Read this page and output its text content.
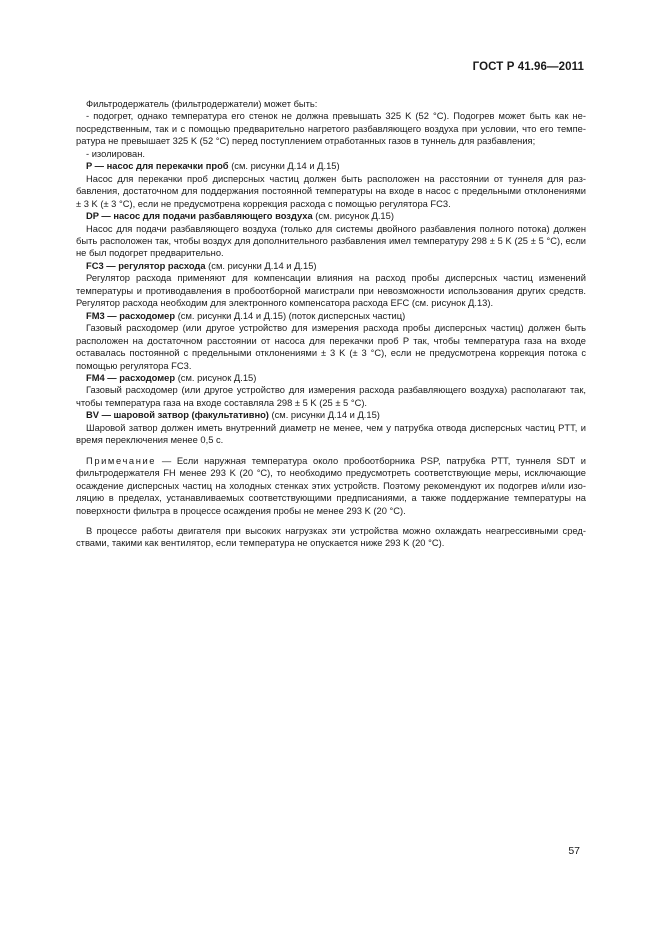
ГОСТ Р 41.96—2011

Фильтродержатель (фильтродержатели) может быть:

- подогрет, однако температура его стенок не должна превышать 325 K (52 °C). Подогрев может быть как непосредственным, так и с помощью предварительно нагретого разбавляющего воздуха при условии, что его температура не превышает 325 K (52 °C) перед поступлением отработанных газов в туннель для разбавления;

- изолирован.

P — насос для перекачки проб (см. рисунки Д.14 и Д.15)

Насос для перекачки проб дисперсных частиц должен быть расположен на расстоянии от туннеля для разбавления, достаточном для поддержания постоянной температуры на входе в насос с предельными отклонениями ± 3 K (± 3 °C), если не предусмотрена коррекция расхода с помощью регулятора FC3.

DP — насос для подачи разбавляющего воздуха (см. рисунок Д.15)

Насос для подачи разбавляющего воздуха (только для системы двойного разбавления полного потока) должен быть расположен так, чтобы воздух для дополнительного разбавления имел температуру 298 ± 5 K (25 ± 5 °C), если не был подогрет предварительно.

FC3 — регулятор расхода (см. рисунки Д.14 и Д.15)

Регулятор расхода применяют для компенсации влияния на расход пробы дисперсных частиц изменений температуры и противодавления в пробоотборной магистрали при невозможности использования других средств. Регулятор расхода необходим для электронного компенсатора расхода EFC (см. рисунок Д.13).

FM3 — расходомер (см. рисунки Д.14 и Д.15) (поток дисперсных частиц)

Газовый расходомер (или другое устройство для измерения расхода пробы дисперсных частиц) должен быть расположен на достаточном расстоянии от насоса для перекачки проб P так, чтобы температура газа на входе оставалась постоянной с предельными отклонениями ± 3 K (± 3 °C), если не предусмотрена коррекция потока с помощью регулятора FC3.

FM4 — расходомер (см. рисунок Д.15)

Газовый расходомер (или другое устройство для измерения расхода разбавляющего воздуха) располагают так, чтобы температура газа на входе составляла 298 ± 5 K (25 ± 5 °C).

BV — шаровой затвор (факультативно) (см. рисунки Д.14 и Д.15)

Шаровой затвор должен иметь внутренний диаметр не менее, чем у патрубка отвода дисперсных частиц PTT, и время переключения менее 0,5 с.

Примечание — Если наружная температура около пробоотборника PSP, патрубка PTT, туннеля SDT и фильтродержателя FH менее 293 K (20 °C), то необходимо предусмотреть соответствующие меры, исключающие осаждение дисперсных частиц на холодных стенках этих устройств. Поэтому рекомендуют их подогрев и/или изоляцию в пределах, устанавливаемых соответствующими предписаниями, а также поддержание температуры на поверхности фильтра в процессе осаждения пробы не менее 293 K (20 °C).

В процессе работы двигателя при высоких нагрузках эти устройства можно охлаждать неагрессивными средствами, такими как вентилятор, если температура не опускается ниже 293 K (20 °C).

57
